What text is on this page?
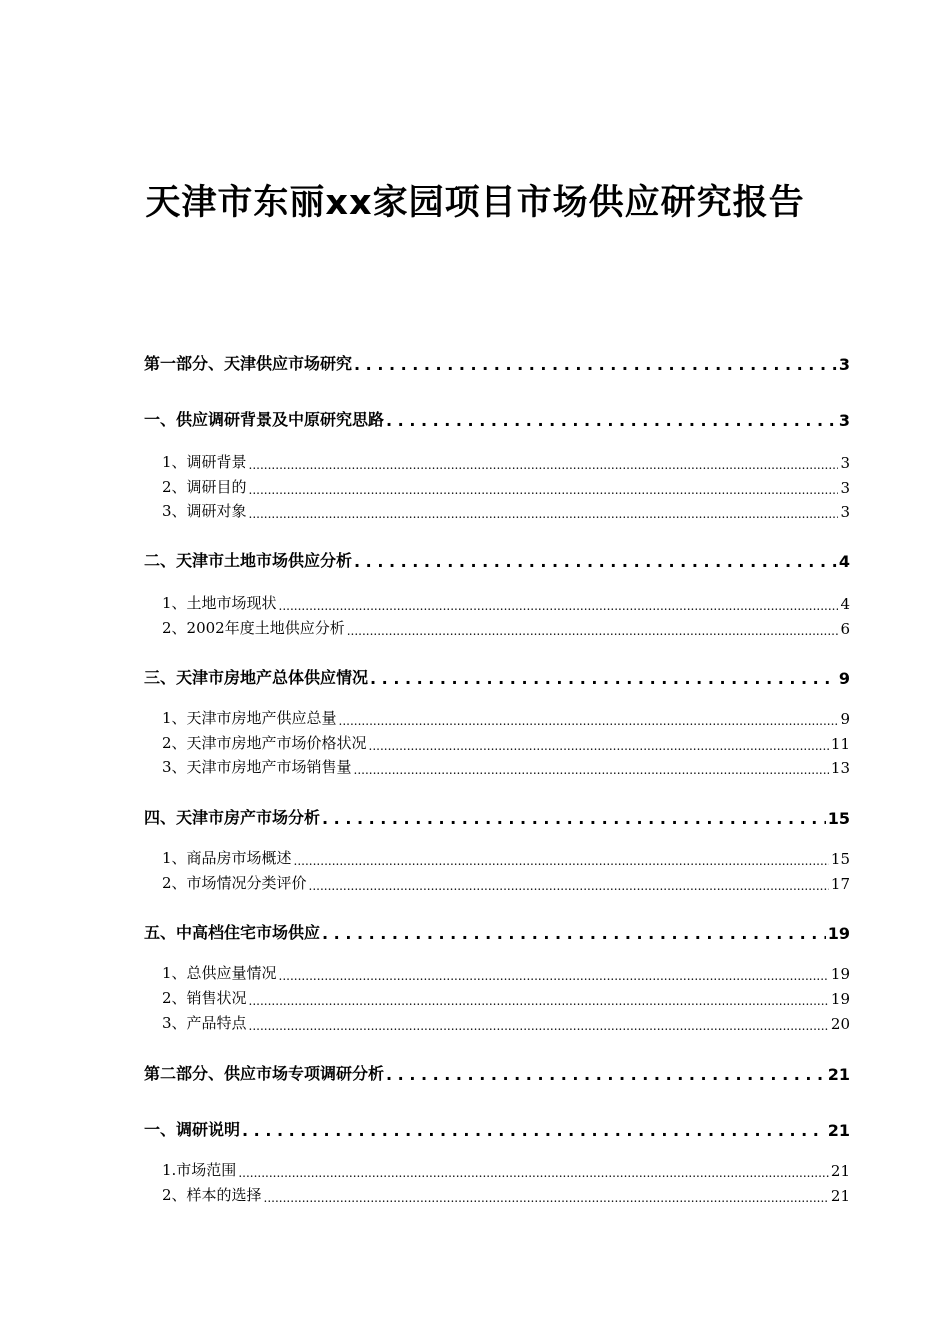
天津市东丽xx家园项目市场供应研究报告
第一部分、天津供应市场研究 . . .	3
一、供应调研背景及中原研究思路 . . .	3
1、调研背景 .....	3
2、调研目的 .....	3
3、调研对象 .....	3
二、天津市土地市场供应分析 . . .	4
1、土地市场现状 .....	4
2、2002年度土地供应分析 .....	6
三、天津市房地产总体供应情况 . . .	9
1、天津市房地产供应总量 .....	9
2、天津市房地产市场价格状况 .....	11
3、天津市房地产市场销售量 .....	13
四、天津市房产市场分析 . . .	15
1、商品房市场概述 .....	15
2、市场情况分类评价 .....	17
五、中高档住宅市场供应 . . .	19
1、总供应量情况 .....	19
2、销售状况 .....	19
3、产品特点 .....	20
第二部分、供应市场专项调研分析 . . .	21
一、调研说明 . . .	21
1.市场范围 .....	21
2、样本的选择 .....	21
